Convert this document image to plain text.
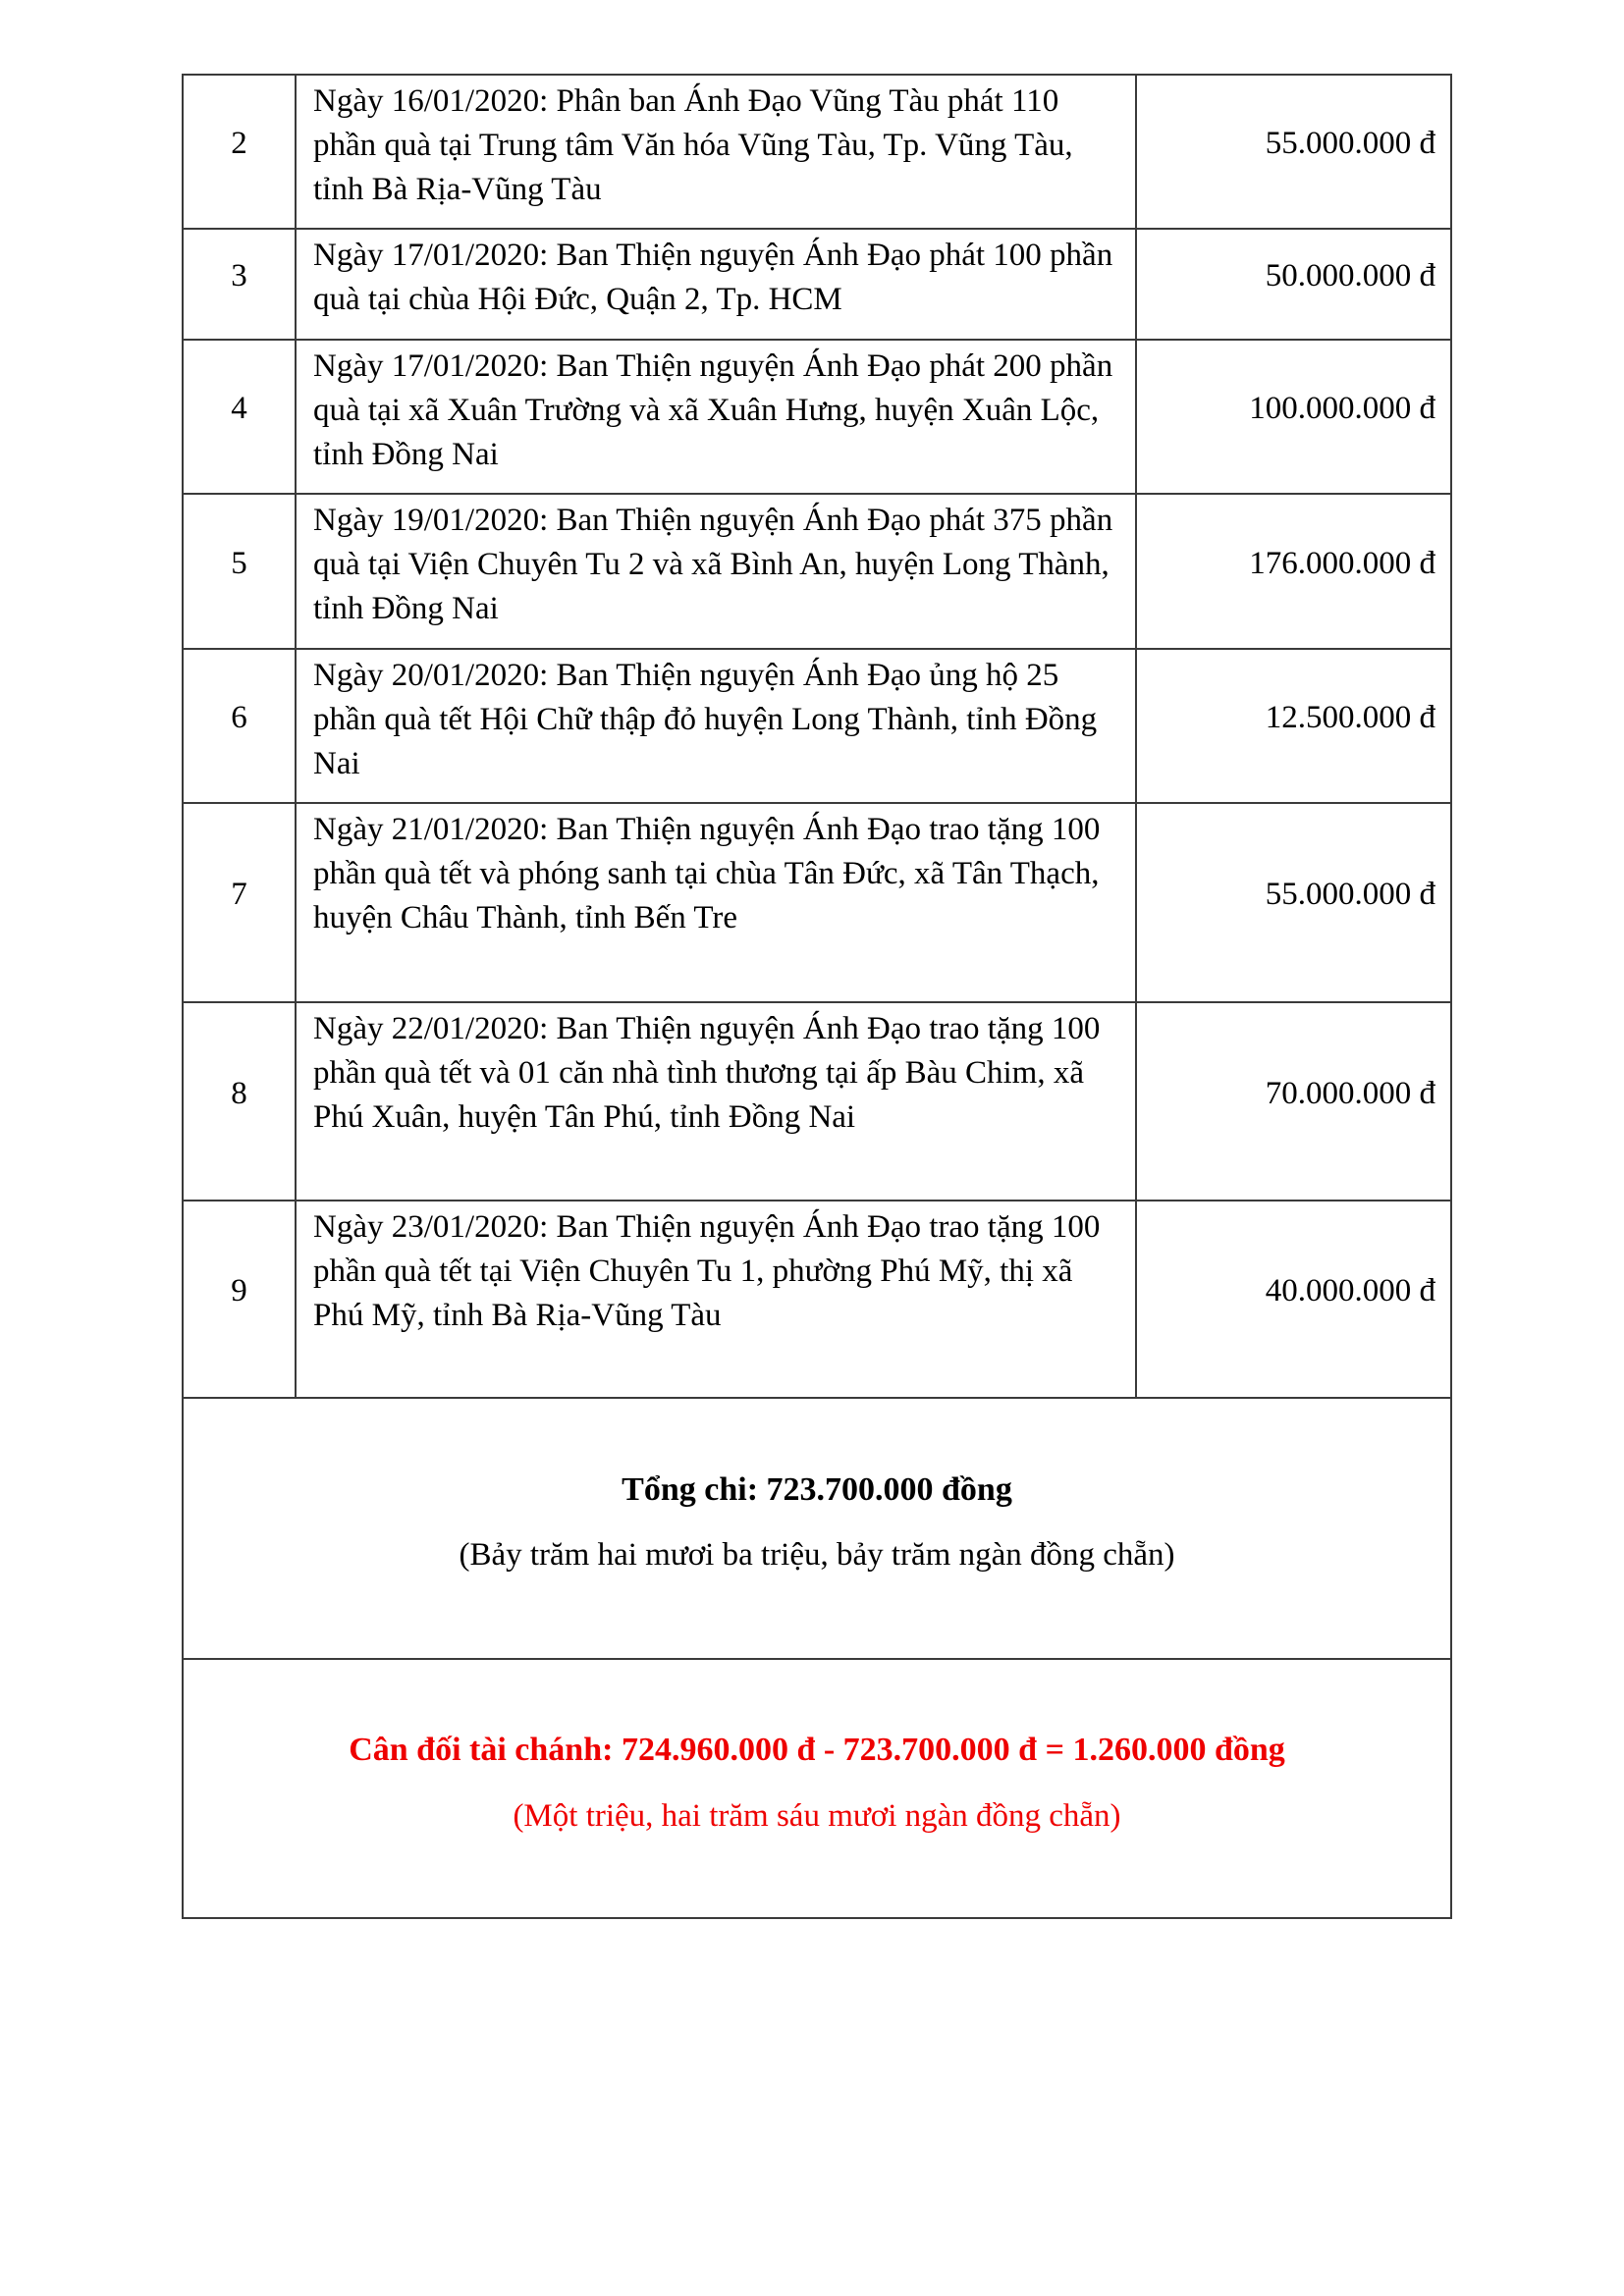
2	Ngày 16/01/2020: Phân ban Ánh Đạo Vũng Tàu phát 110 phần quà tại Trung tâm Văn hóa Vũng Tàu, Tp. Vũng Tàu, tỉnh Bà Rịa-Vũng Tàu	55.000.000 đ
3	Ngày 17/01/2020: Ban Thiện nguyện Ánh Đạo phát 100 phần quà tại chùa Hội Đức, Quận 2, Tp. HCM	50.000.000 đ
4	Ngày 17/01/2020: Ban Thiện nguyện Ánh Đạo phát 200 phần quà tại xã Xuân Trường và xã Xuân Hưng, huyện Xuân Lộc, tỉnh Đồng Nai	100.000.000 đ
5	Ngày 19/01/2020: Ban Thiện nguyện Ánh Đạo phát 375 phần quà tại Viện Chuyên Tu 2 và xã Bình An, huyện Long Thành, tỉnh Đồng Nai	176.000.000 đ
6	Ngày 20/01/2020: Ban Thiện nguyện Ánh Đạo ủng hộ 25 phần quà tết Hội Chữ thập đỏ huyện Long Thành, tỉnh Đồng Nai	12.500.000 đ
7	Ngày 21/01/2020: Ban Thiện nguyện Ánh Đạo trao tặng 100 phần quà tết và phóng sanh tại chùa Tân Đức, xã Tân Thạch, huyện Châu Thành, tỉnh Bến Tre	55.000.000 đ
8	Ngày 22/01/2020: Ban Thiện nguyện Ánh Đạo trao tặng 100 phần quà tết và 01 căn nhà tình thương tại ấp Bàu Chim, xã Phú Xuân, huyện Tân Phú, tỉnh Đồng Nai	70.000.000 đ
9	Ngày 23/01/2020: Ban Thiện nguyện Ánh Đạo trao tặng 100 phần quà tết tại Viện Chuyên Tu 1, phường Phú Mỹ, thị xã Phú Mỹ, tỉnh Bà Rịa-Vũng Tàu	40.000.000 đ

Tổng chi: 723.700.000 đồng
(Bảy trăm hai mươi ba triệu, bảy trăm ngàn đồng chẵn)		

Cân đối tài chánh: 724.960.000 đ - 723.700.000 đ = 1.260.000 đồng
(Một triệu, hai trăm sáu mươi ngàn đồng chẵn)		
